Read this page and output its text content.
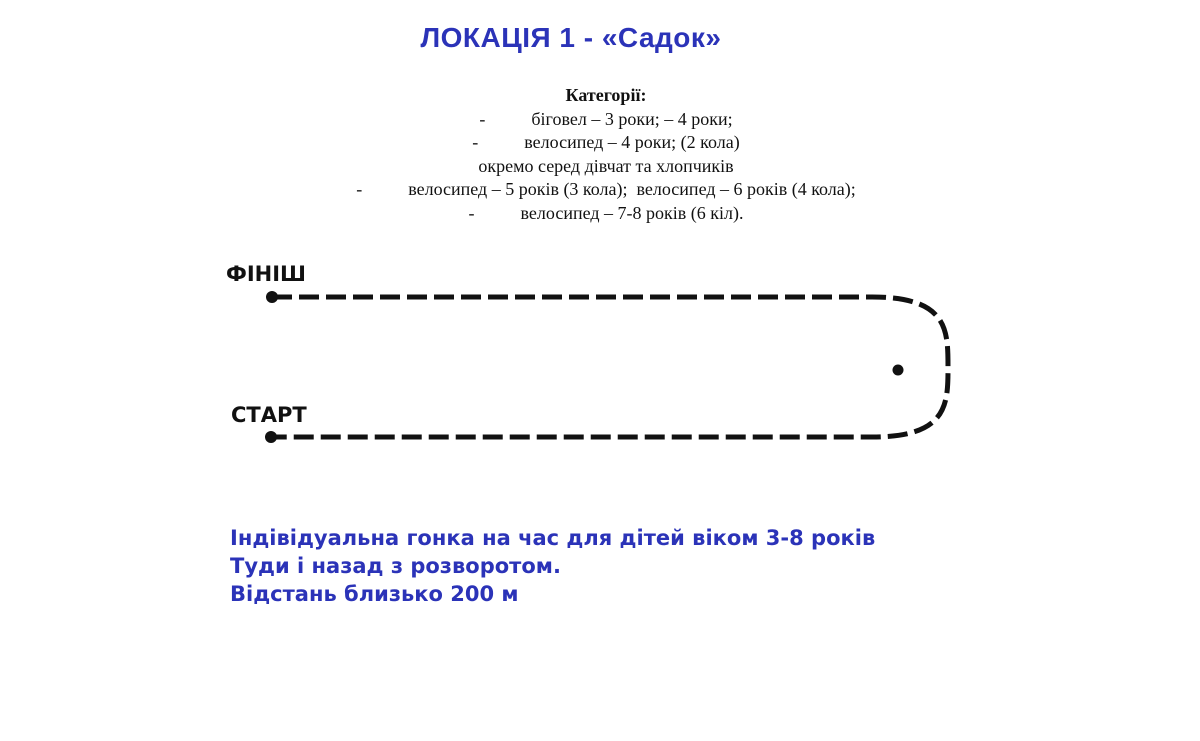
ЛОКАЦІЯ 1 - «Садок»
Категорії:
-	біговел – 3 роки; – 4 роки;
-	велосипед – 4 роки; (2 кола)
окремо серед дівчат та хлопчиків
-	велосипед – 5 років (3 кола);  велосипед – 6 років (4 кола);
-	велосипед – 7-8 років (6 кіл).
ФІНІШ
СТАРТ
Індівідуальна гонка на час для дітей віком 3-8 років
Туди і назад з розворотом.
Відстань близько 200 м
